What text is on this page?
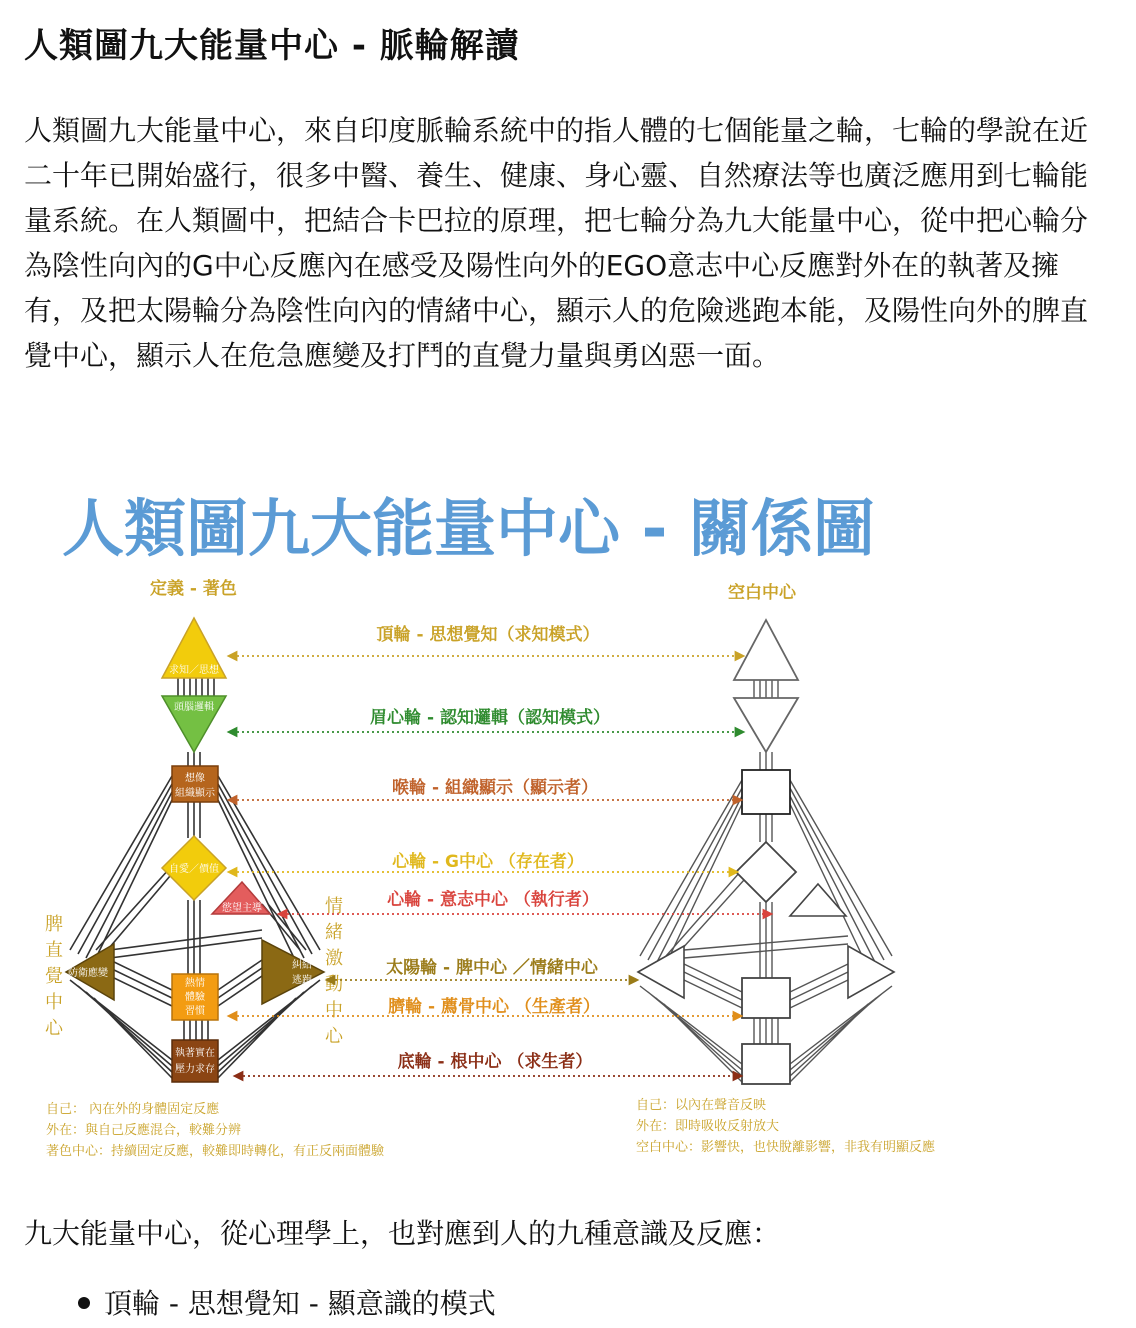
人類圖九大能量中心 - 脈輪解讀

人類圖九大能量中心，來自印度脈輪系統中的指人體的七個能量之輪，七輪的學說在近二十年已開始盛行，很多中醫、養生、健康、身心靈、自然療法等也廣泛應用到七輪能量系統。在人類圖中，把結合卡巴拉的原理，把七輪分為九大能量中心，從中把心輪分為陰性向內的G中心反應內在感受及陽性向外的EGO意志中心反應對外在的執著及擁有，及把太陽輪分為陰性向內的情緒中心，顯示人的危險逃跑本能，及陽性向外的脾直覺中心，顯示人在危急應變及打鬥的直覺力量與勇凶惡一面。

人類圖九大能量中心 - 關係圖
定義 - 著色	空白中心
求知／思想
頭腦邏輯
想像
組織顯示
自愛／價值
慾望主導
防衛應變
糾結
逃跑
熱情
體驗
習慣
執著實在
壓力求存
脾
直
覺
中
心
情
緒
激
動
中
心
頂輪 - 思想覺知（求知模式）
眉心輪 - 認知邏輯（認知模式）
喉輪 - 組織顯示（顯示者）
心輪 - G中心 （存在者）
心輪 - 意志中心 （執行者）
太陽輪 - 脾中心 ／情緒中心
臍輪 - 薦骨中心 （生產者）
底輪 - 根中心 （求生者）
自己： 內在外的身體固定反應
外在：與自己反應混合，較難分辨
著色中心：持續固定反應，較難即時轉化，有正反兩面體驗
自己：以內在聲音反映
外在：即時吸收反射放大
空白中心：影響快，也快脫離影響，非我有明顯反應

九大能量中心，從心理學上，也對應到人的九種意識及反應：

頂輪 - 思想覺知 - 顯意識的模式
